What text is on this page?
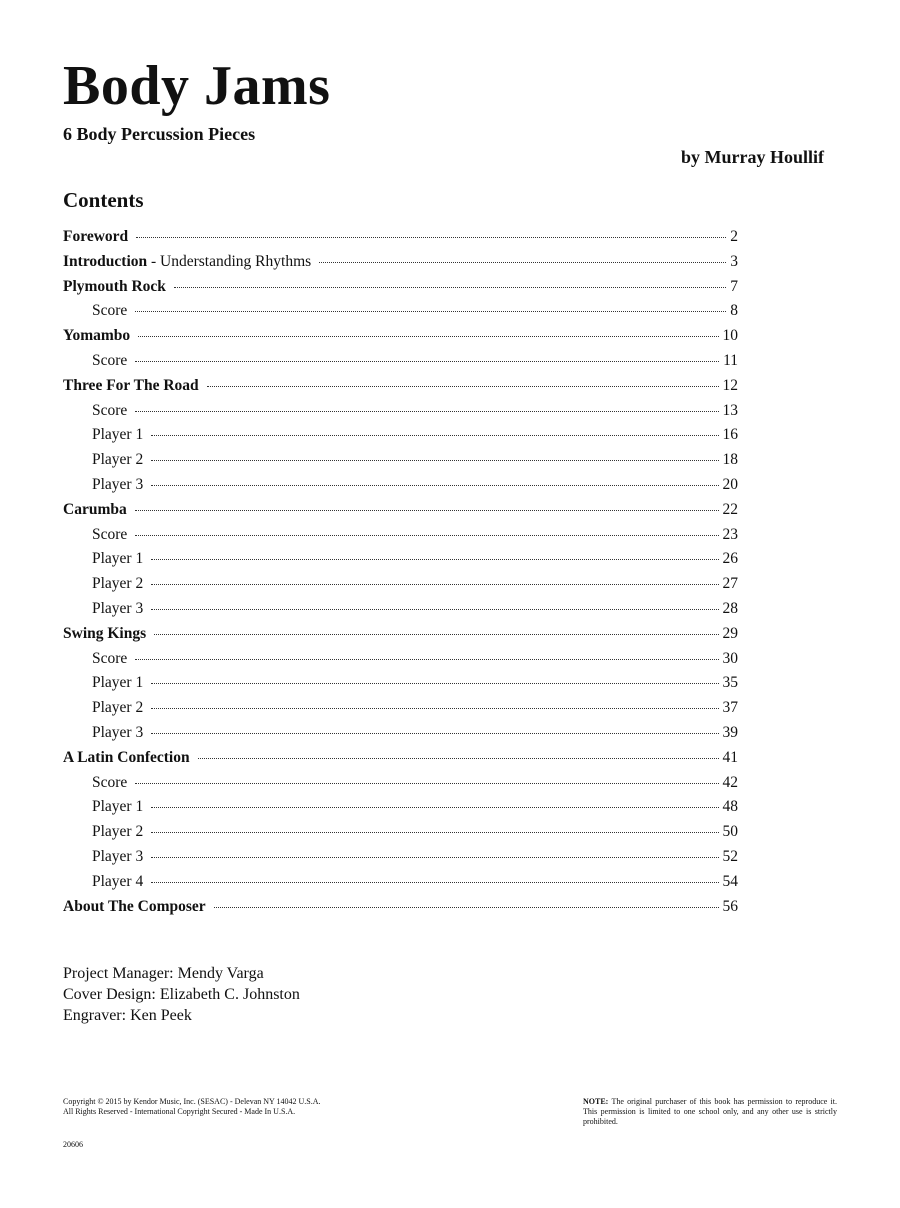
Body Jams
6 Body Percussion Pieces
by Murray Houllif
Contents
Foreword	2
Introduction - Understanding Rhythms	3
Plymouth Rock	7
Score	8
Yomambo	10
Score	11
Three For The Road	12
Score	13
Player 1	16
Player 2	18
Player 3	20
Carumba	22
Score	23
Player 1	26
Player 2	27
Player 3	28
Swing Kings	29
Score	30
Player 1	35
Player 2	37
Player 3	39
A Latin Confection	41
Score	42
Player 1	48
Player 2	50
Player 3	52
Player 4	54
About The Composer	56
Project Manager: Mendy Varga
Cover Design: Elizabeth C. Johnston
Engraver: Ken Peek
Copyright © 2015 by Kendor Music, Inc. (SESAC) - Delevan NY 14042 U.S.A.
All Rights Reserved - International Copyright Secured - Made In U.S.A.
NOTE: The original purchaser of this book has permission to reproduce it. This permission is limited to one school only, and any other use is strictly prohibited.
20606
